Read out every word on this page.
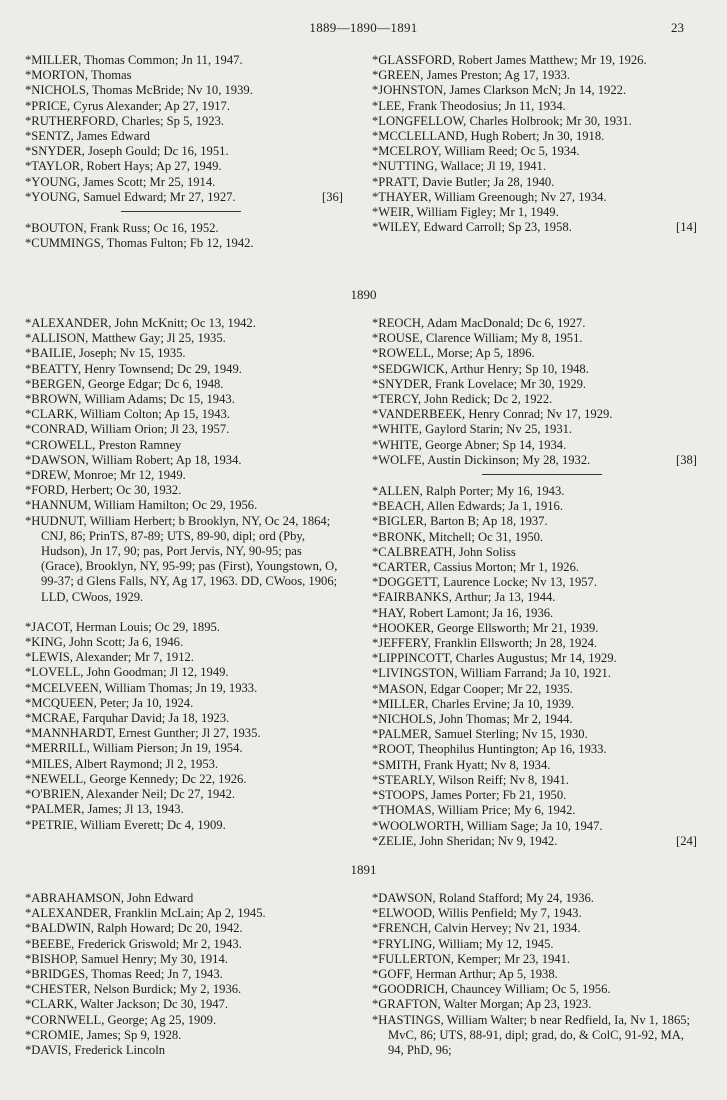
1889—1890—1891	23
*MILLER, Thomas Common; Jn 11, 1947.
*MORTON, Thomas
*NICHOLS, Thomas McBride; Nv 10, 1939.
*PRICE, Cyrus Alexander; Ap 27, 1917.
*RUTHERFORD, Charles; Sp 5, 1923.
*SENTZ, James Edward
*SNYDER, Joseph Gould; Dc 16, 1951.
*TAYLOR, Robert Hays; Ap 27, 1949.
*YOUNG, James Scott; Mr 25, 1914.
*YOUNG, Samuel Edward; Mr 27, 1927.	[36]
*BOUTON, Frank Russ; Oc 16, 1952.
*CUMMINGS, Thomas Fulton; Fb 12, 1942.
*GLASSFORD, Robert James Matthew; Mr 19, 1926.
*GREEN, James Preston; Ag 17, 1933.
*JOHNSTON, James Clarkson McN; Jn 14, 1922.
*LEE, Frank Theodosius; Jn 11, 1934.
*LONGFELLOW, Charles Holbrook; Mr 30, 1931.
*MCCLELLAND, Hugh Robert; Jn 30, 1918.
*MCELROY, William Reed; Oc 5, 1934.
*NUTTING, Wallace; Jl 19, 1941.
*PRATT, Davie Butler; Ja 28, 1940.
*THAYER, William Greenough; Nv 27, 1934.
*WEIR, William Figley; Mr 1, 1949.
*WILEY, Edward Carroll; Sp 23, 1958.	[14]
1890
*ALEXANDER, John McKnitt; Oc 13, 1942.
*ALLISON, Matthew Gay; Jl 25, 1935.
*BAILIE, Joseph; Nv 15, 1935.
*BEATTY, Henry Townsend; Dc 29, 1949.
*BERGEN, George Edgar; Dc 6, 1948.
*BROWN, William Adams; Dc 15, 1943.
*CLARK, William Colton; Ap 15, 1943.
*CONRAD, William Orion; Jl 23, 1957.
*CROWELL, Preston Ramney
*DAWSON, William Robert; Ap 18, 1934.
*DREW, Monroe; Mr 12, 1949.
*FORD, Herbert; Oc 30, 1932.
*HANNUM, William Hamilton; Oc 29, 1956.
*HUDNUT, William Herbert; b Brooklyn, NY, Oc 24, 1864; CNJ, 86; PrinTS, 87-89; UTS, 89-90, dipl; ord (Pby, Hudson), Jn 17, 90; pas, Port Jervis, NY, 90-95; pas (Grace), Brooklyn, NY, 95-99; pas (First), Youngstown, O, 99-37; d Glens Falls, NY, Ag 17, 1963. DD, CWoos, 1906; LLD, CWoos, 1929.
*JACOT, Herman Louis; Oc 29, 1895.
*KING, John Scott; Ja 6, 1946.
*LEWIS, Alexander; Mr 7, 1912.
*LOVELL, John Goodman; Jl 12, 1949.
*MCELVEEN, William Thomas; Jn 19, 1933.
*MCQUEEN, Peter; Ja 10, 1924.
*MCRAE, Farquhar David; Ja 18, 1923.
*MANNHARDT, Ernest Gunther; Jl 27, 1935.
*MERRILL, William Pierson; Jn 19, 1954.
*MILES, Albert Raymond; Jl 2, 1953.
*NEWELL, George Kennedy; Dc 22, 1926.
*O'BRIEN, Alexander Neil; Dc 27, 1942.
*PALMER, James; Jl 13, 1943.
*PETRIE, William Everett; Dc 4, 1909.
*REOCH, Adam MacDonald; Dc 6, 1927.
*ROUSE, Clarence William; My 8, 1951.
*ROWELL, Morse; Ap 5, 1896.
*SEDGWICK, Arthur Henry; Sp 10, 1948.
*SNYDER, Frank Lovelace; Mr 30, 1929.
*TERCY, John Redick; Dc 2, 1922.
*VANDERBEEK, Henry Conrad; Nv 17, 1929.
*WHITE, Gaylord Starin; Nv 25, 1931.
*WHITE, George Abner; Sp 14, 1934.
*WOLFE, Austin Dickinson; My 28, 1932.	[38]
*ALLEN, Ralph Porter; My 16, 1943.
*BEACH, Allen Edwards; Ja 1, 1916.
*BIGLER, Barton B; Ap 18, 1937.
*BRONK, Mitchell; Oc 31, 1950.
*CALBREATH, John Soliss
*CARTER, Cassius Morton; Mr 1, 1926.
*DOGGETT, Laurence Locke; Nv 13, 1957.
*FAIRBANKS, Arthur; Ja 13, 1944.
*HAY, Robert Lamont; Ja 16, 1936.
*HOOKER, George Ellsworth; Mr 21, 1939.
*JEFFERY, Franklin Ellsworth; Jn 28, 1924.
*LIPPINCOTT, Charles Augustus; Mr 14, 1929.
*LIVINGSTON, William Farrand; Ja 10, 1921.
*MASON, Edgar Cooper; Mr 22, 1935.
*MILLER, Charles Ervine; Ja 10, 1939.
*NICHOLS, John Thomas; Mr 2, 1944.
*PALMER, Samuel Sterling; Nv 15, 1930.
*ROOT, Theophilus Huntington; Ap 16, 1933.
*SMITH, Frank Hyatt; Nv 8, 1934.
*STEARLY, Wilson Reiff; Nv 8, 1941.
*STOOPS, James Porter; Fb 21, 1950.
*THOMAS, William Price; My 6, 1942.
*WOOLWORTH, William Sage; Ja 10, 1947.
*ZELIE, John Sheridan; Nv 9, 1942.	[24]
1891
*ABRAHAMSON, John Edward
*ALEXANDER, Franklin McLain; Ap 2, 1945.
*BALDWIN, Ralph Howard; Dc 20, 1942.
*BEEBE, Frederick Griswold; Mr 2, 1943.
*BISHOP, Samuel Henry; My 30, 1914.
*BRIDGES, Thomas Reed; Jn 7, 1943.
*CHESTER, Nelson Burdick; My 2, 1936.
*CLARK, Walter Jackson; Dc 30, 1947.
*CORNWELL, George; Ag 25, 1909.
*CROMIE, James; Sp 9, 1928.
*DAVIS, Frederick Lincoln
*DAWSON, Roland Stafford; My 24, 1936.
*ELWOOD, Willis Penfield; My 7, 1943.
*FRENCH, Calvin Hervey; Nv 21, 1934.
*FRYLING, William; My 12, 1945.
*FULLERTON, Kemper; Mr 23, 1941.
*GOFF, Herman Arthur; Ap 5, 1938.
*GOODRICH, Chauncey William; Oc 5, 1956.
*GRAFTON, Walter Morgan; Ap 23, 1923.
*HASTINGS, William Walter; b near Redfield, Ia, Nv 1, 1865; MvC, 86; UTS, 88-91, dipl; grad, do, & ColC, 91-92, MA, 94, PhD, 96;
